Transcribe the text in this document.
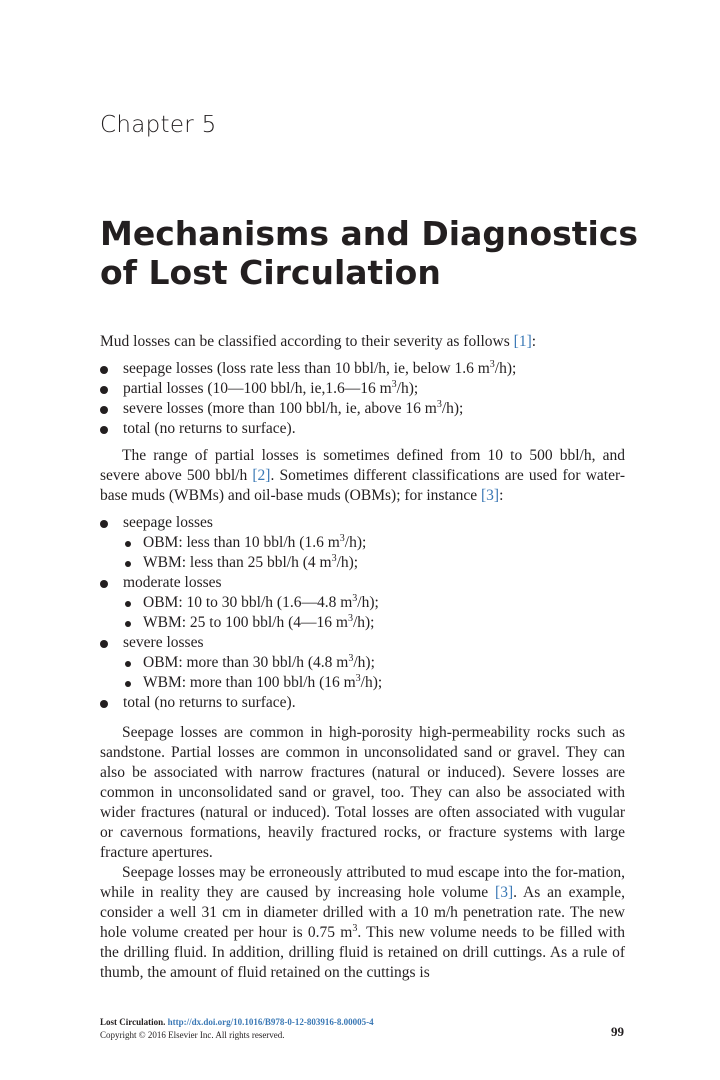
Chapter 5
Mechanisms and Diagnostics
of Lost Circulation

Mud losses can be classified according to their severity as follows [1]:

seepage losses (loss rate less than 10 bbl/h, ie, below 1.6 $m^3/h$);
partial losses (10—100 bbl/h, ie,1.6—16 $m^3/h$);
severe losses (more than 100 bbl/h, ie, above 16 $m^3/h$);
total (no returns to surface).

The range of partial losses is sometimes defined from 10 to 500 bbl/h, and severe above 500 bbl/h [2]. Sometimes different classifications are used for water-base muds (WBMs) and oil-base muds (OBMs); for instance [3]:

seepage losses
OBM: less than 10 bbl/h (1.6 $m^3/h$);
WBM: less than 25 bbl/h (4 $m^3/h$);
moderate losses
OBM: 10 to 30 bbl/h (1.6—4.8 $m^3/h$);
WBM: 25 to 100 bbl/h (4—16 $m^3/h$);
severe losses
OBM: more than 30 bbl/h (4.8 $m^3/h$);
WBM: more than 100 bbl/h (16 $m^3/h$);
total (no returns to surface).

Seepage losses are common in high-porosity high-permeability rocks such as sandstone. Partial losses are common in unconsolidated sand or gravel. They can also be associated with narrow fractures (natural or induced). Severe losses are common in unconsolidated sand or gravel, too. They can also be associated with wider fractures (natural or induced). Total losses are often associated with vugular or cavernous formations, heavily fractured rocks, or fracture systems with large fracture apertures.

Seepage losses may be erroneously attributed to mud escape into the for-mation, while in reality they are caused by increasing hole volume [3]. As an example, consider a well 31 cm in diameter drilled with a 10 m/h penetration rate. The new hole volume created per hour is 0.75 $m^3$. This new volume needs to be filled with the drilling fluid. In addition, drilling fluid is retained on drill cuttings. As a rule of thumb, the amount of fluid retained on the cuttings is

Lost Circulation. http://dx.doi.org/10.1016/B978-0-12-803916-8.00005-4
Copyright © 2016 Elsevier Inc. All rights reserved.	99
